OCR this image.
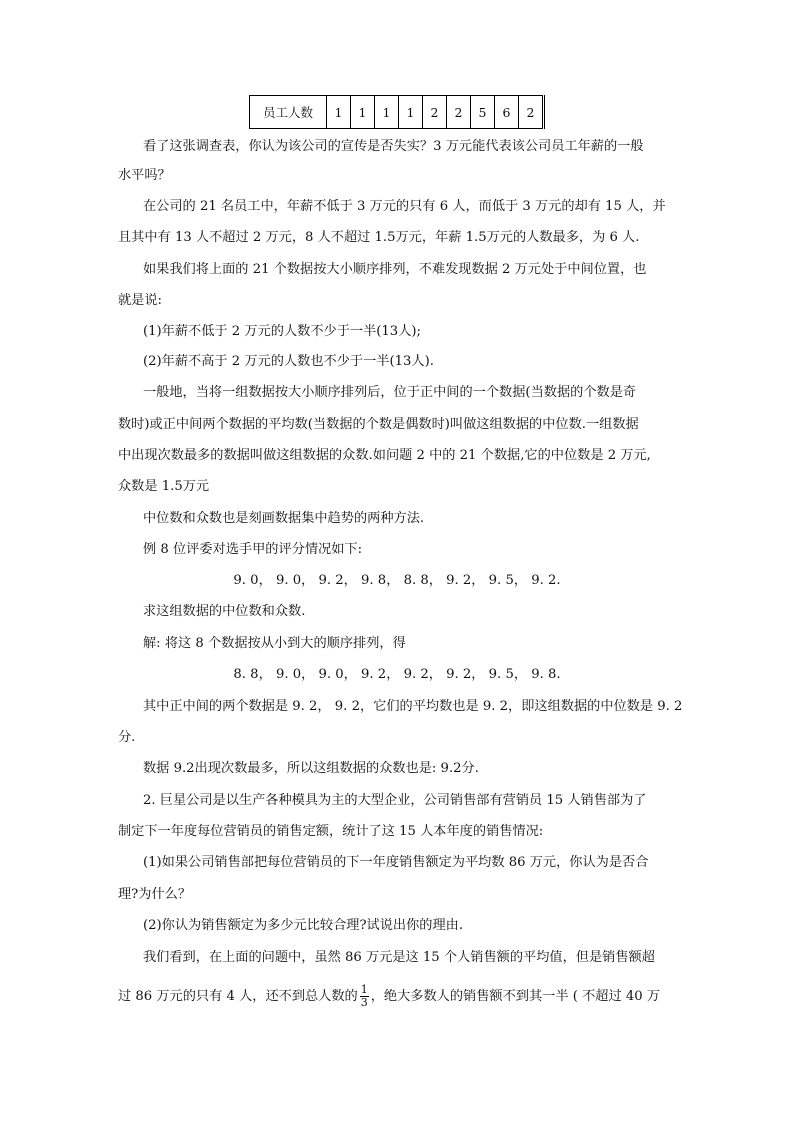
员工人数	1	1	1	1	2	2	5	6	2
看了这张调查表，你认为该公司的宣传是否失实？3 万元能代表该公司员工年薪的一般
水平吗？
在公司的 21 名员工中，年薪不低于 3 万元的只有 6 人，而低于 3 万元的却有 15 人，并
且其中有 13 人不超过 2 万元，8 人不超过 1.5万元，年薪 1.5万元的人数最多，为 6 人.
如果我们将上面的 21 个数据按大小顺序排列，不难发现数据 2 万元处于中间位置，也
就是说:
(1)年薪不低于 2 万元的人数不少于一半(13人);
(2)年薪不高于 2 万元的人数也不少于一半(13人).
一般地，当将一组数据按大小顺序排列后，位于正中间的一个数据(当数据的个数是奇
数时)或正中间两个数据的平均数(当数据的个数是偶数时)叫做这组数据的中位数.一组数据
中出现次数最多的数据叫做这组数据的众数.如问题 2 中的 21 个数据,它的中位数是 2 万元,
众数是 1.5万元
中位数和众数也是刻画数据集中趋势的两种方法.
例 8 位评委对选手甲的评分情况如下:
9. 0， 9. 0， 9. 2， 9. 8， 8. 8， 9. 2， 9. 5， 9. 2.
求这组数据的中位数和众数.
解: 将这 8 个数据按从小到大的顺序排列，得
8. 8， 9. 0， 9. 0， 9. 2， 9. 2， 9. 2， 9. 5， 9. 8.
其中正中间的两个数据是 9. 2， 9. 2，它们的平均数也是 9. 2，即这组数据的中位数是 9. 2
分.
数据 9.2出现次数最多，所以这组数据的众数也是: 9.2分.
2. 巨星公司是以生产各种模具为主的大型企业，公司销售部有营销员 15 人销售部为了
制定下一年度每位营销员的销售定额，统计了这 15 人本年度的销售情况:
(1)如果公司销售部把每位营销员的下一年度销售额定为平均数 86 万元，你认为是否合
理?为什么？
(2)你认为销售额定为多少元比较合理?试说出你的理由.
我们看到，在上面的问题中，虽然 86 万元是这 15 个人销售额的平均值，但是销售额超
过 86 万元的只有 4 人，还不到总人数的 $\frac{1}{3}$ ，绝大多数人的销售额不到其一半 ( 不超过 40 万
